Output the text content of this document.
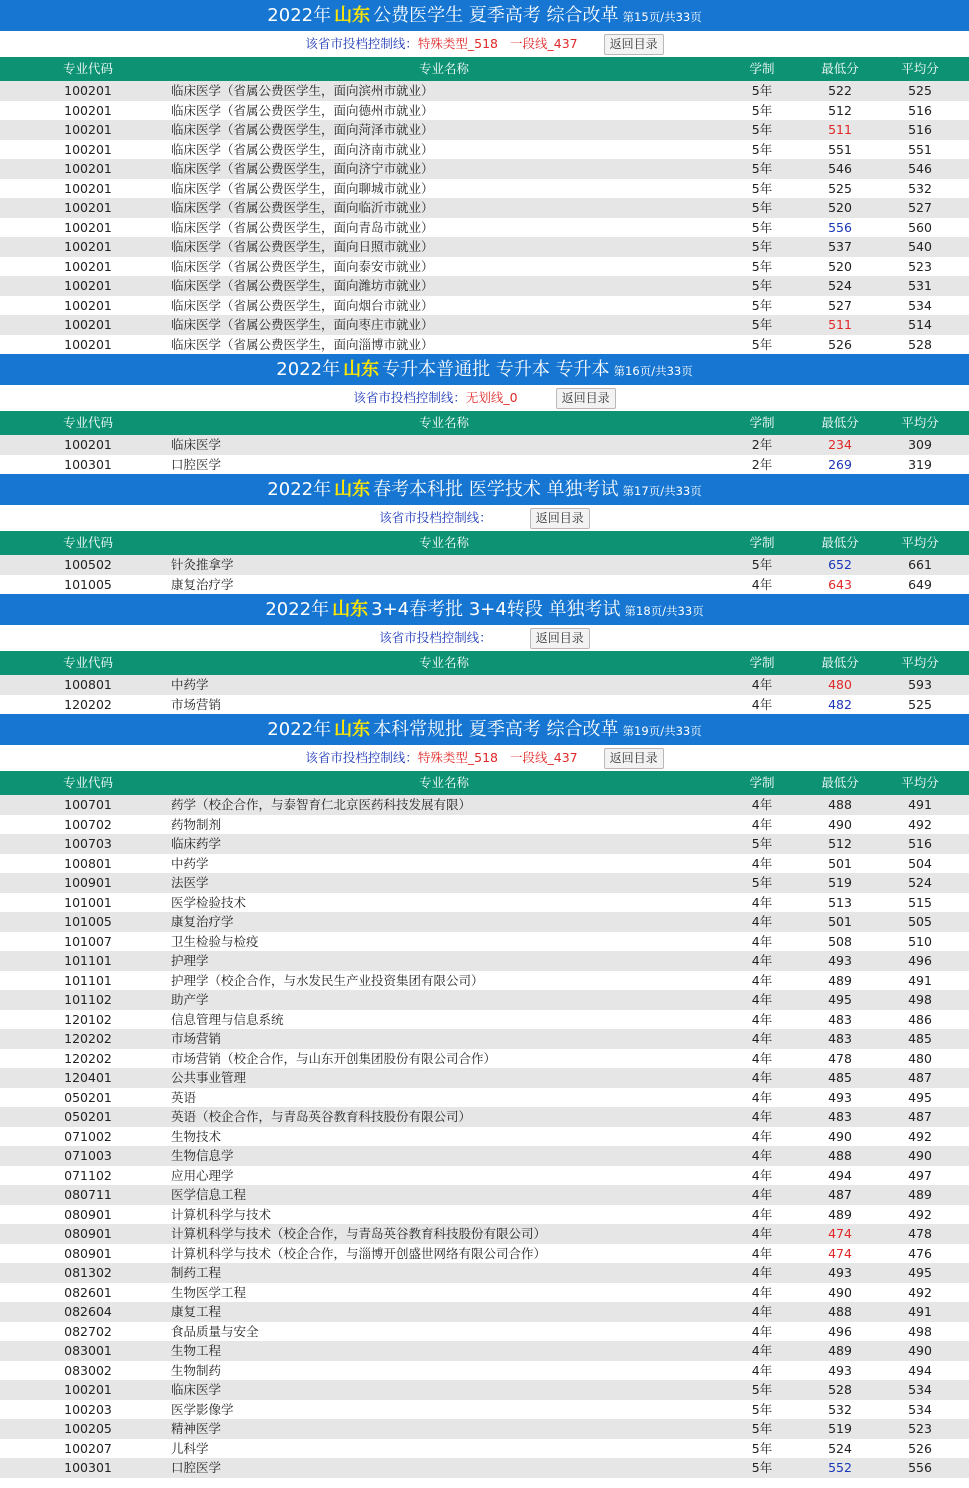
2022年 山东 公费医学生 夏季高考 综合改革 第15页/共33页
该省市投档控制线：特殊类型_518 一段线_437	返回目录
专业代码	专业名称	学制	最低分	平均分
100201	临床医学（省属公费医学生，面向滨州市就业）	5年	522	525
100201	临床医学（省属公费医学生，面向德州市就业）	5年	512	516
100201	临床医学（省属公费医学生，面向菏泽市就业）	5年	511	516
100201	临床医学（省属公费医学生，面向济南市就业）	5年	551	551
100201	临床医学（省属公费医学生，面向济宁市就业）	5年	546	546
100201	临床医学（省属公费医学生，面向聊城市就业）	5年	525	532
100201	临床医学（省属公费医学生，面向临沂市就业）	5年	520	527
100201	临床医学（省属公费医学生，面向青岛市就业）	5年	556	560
100201	临床医学（省属公费医学生，面向日照市就业）	5年	537	540
100201	临床医学（省属公费医学生，面向泰安市就业）	5年	520	523
100201	临床医学（省属公费医学生，面向潍坊市就业）	5年	524	531
100201	临床医学（省属公费医学生，面向烟台市就业）	5年	527	534
100201	临床医学（省属公费医学生，面向枣庄市就业）	5年	511	514
100201	临床医学（省属公费医学生，面向淄博市就业）	5年	526	528
2022年 山东 专升本普通批 专升本 专升本 第16页/共33页
该省市投档控制线：无划线_0	返回目录
专业代码	专业名称	学制	最低分	平均分
100201	临床医学	2年	234	309
100301	口腔医学	2年	269	319
2022年 山东 春考本科批 医学技术 单独考试 第17页/共33页
该省市投档控制线：	返回目录
专业代码	专业名称	学制	最低分	平均分
100502	针灸推拿学	5年	652	661
101005	康复治疗学	4年	643	649
2022年 山东 3+4春考批 3+4转段 单独考试 第18页/共33页
该省市投档控制线：	返回目录
专业代码	专业名称	学制	最低分	平均分
100801	中药学	4年	480	593
120202	市场营销	4年	482	525
2022年 山东 本科常规批 夏季高考 综合改革 第19页/共33页
该省市投档控制线：特殊类型_518 一段线_437	返回目录
专业代码	专业名称	学制	最低分	平均分
100701	药学（校企合作，与泰智育仁北京医药科技发展有限）	4年	488	491
100702	药物制剂	4年	490	492
100703	临床药学	5年	512	516
100801	中药学	4年	501	504
100901	法医学	5年	519	524
101001	医学检验技术	4年	513	515
101005	康复治疗学	4年	501	505
101007	卫生检验与检疫	4年	508	510
101101	护理学	4年	493	496
101101	护理学（校企合作，与水发民生产业投资集团有限公司）	4年	489	491
101102	助产学	4年	495	498
120102	信息管理与信息系统	4年	483	486
120202	市场营销	4年	483	485
120202	市场营销（校企合作，与山东开创集团股份有限公司合作）	4年	478	480
120401	公共事业管理	4年	485	487
050201	英语	4年	493	495
050201	英语（校企合作，与青岛英谷教育科技股份有限公司）	4年	483	487
071002	生物技术	4年	490	492
071003	生物信息学	4年	488	490
071102	应用心理学	4年	494	497
080711	医学信息工程	4年	487	489
080901	计算机科学与技术	4年	489	492
080901	计算机科学与技术（校企合作，与青岛英谷教育科技股份有限公司）	4年	474	478
080901	计算机科学与技术（校企合作，与淄博开创盛世网络有限公司合作）	4年	474	476
081302	制药工程	4年	493	495
082601	生物医学工程	4年	490	492
082604	康复工程	4年	488	491
082702	食品质量与安全	4年	496	498
083001	生物工程	4年	489	490
083002	生物制药	4年	493	494
100201	临床医学	5年	528	534
100203	医学影像学	5年	532	534
100205	精神医学	5年	519	523
100207	儿科学	5年	524	526
100301	口腔医学	5年	552	556
